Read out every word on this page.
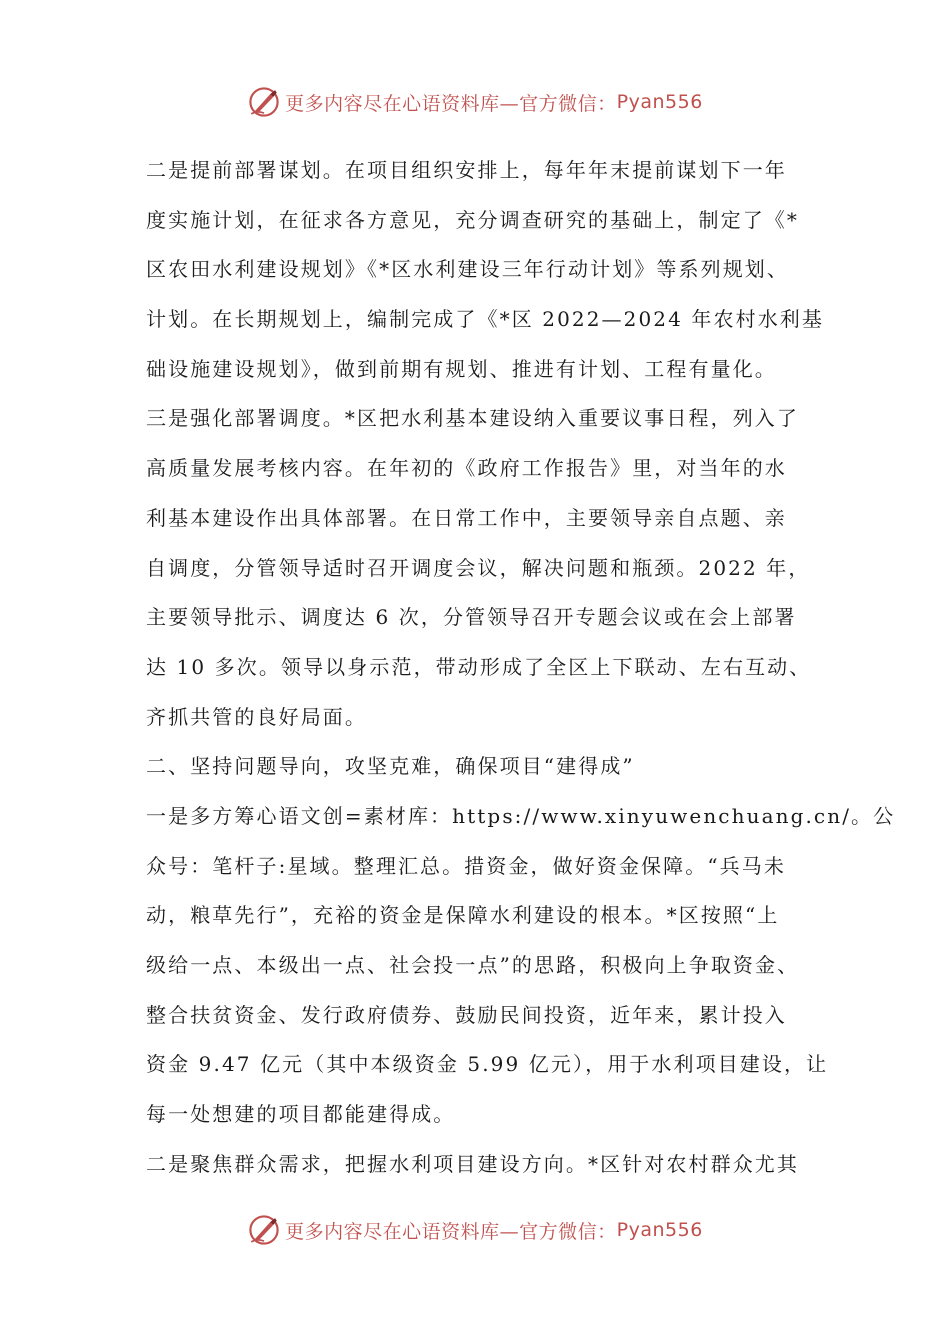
更多内容尽在心语资料库—官方微信： Pyan556
二是提前部署谋划。在项目组织安排上，每年年末提前谋划下一年
度实施计划，在征求各方意见，充分调查研究的基础上，制定了《*
区农田水利建设规划》《*区水利建设三年行动计划》等系列规划、
计划。在长期规划上，编制完成了《*区 2022—2024 年农村水利基
础设施建设规划》，做到前期有规划、推进有计划、工程有量化。
三是强化部署调度。*区把水利基本建设纳入重要议事日程，列入了
高质量发展考核内容。在年初的《政府工作报告》里，对当年的水
利基本建设作出具体部署。在日常工作中，主要领导亲自点题、亲
自调度，分管领导适时召开调度会议，解决问题和瓶颈。2022 年，
主要领导批示、调度达 6 次，分管领导召开专题会议或在会上部署
达 10 多次。领导以身示范，带动形成了全区上下联动、左右互动、
齐抓共管的良好局面。
二、坚持问题导向，攻坚克难，确保项目“建得成”
一是多方筹心语文创=素材库：https://www.xinyuwenchuang.cn/。公
众号：笔杆子:星域。整理汇总。措资金，做好资金保障。“兵马未
动，粮草先行”，充裕的资金是保障水利建设的根本。*区按照“上
级给一点、本级出一点、社会投一点”的思路，积极向上争取资金、
整合扶贫资金、发行政府债券、鼓励民间投资，近年来，累计投入
资金 9.47 亿元（其中本级资金 5.99 亿元），用于水利项目建设，让
每一处想建的项目都能建得成。
二是聚焦群众需求，把握水利项目建设方向。*区针对农村群众尤其
更多内容尽在心语资料库—官方微信： Pyan556
